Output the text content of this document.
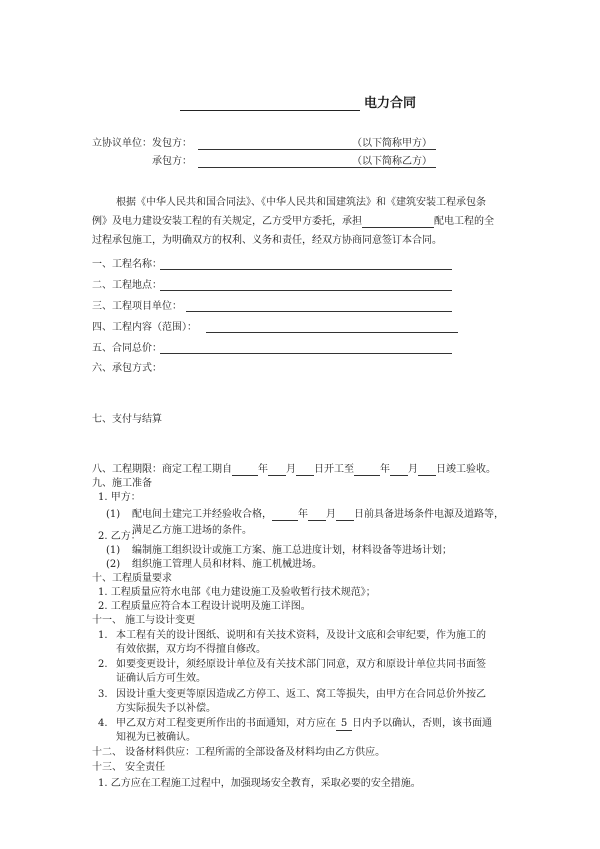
电力合同
立协议单位： 发包方：	（以下简称甲方）
承包方：	（以下简称乙方）
根据《中华人民共和国合同法》、《中华人民共和国建筑法》和《建筑安装工程承包条
例》及电力建设安装工程的有关规定，乙方受甲方委托，承担	配电工程的全
过程承包施工，为明确双方的权利、义务和责任，经双方协商同意签订本合同。
一、工程名称：
二、工程地点：
三、工程项目单位：
四、工程内容（范围）：
五、合同总价：
六、承包方式：
七、支付与结算
八、工程期限：商定工程工期自	年 月 日开工至	年 月 日竣工验收。
九、施工准备
1. 甲方：
(1) 配电间土建完工并经验收合格，	年 月 日前具备进场条件电源及道路等，
满足乙方施工进场的条件。
2. 乙方：
(1) 编制施工组织设计或施工方案、施工总进度计划，材料设备等进场计划；
(2) 组织施工管理人员和材料、施工机械进场。
十、工程质量要求
1. 工程质量应符水电部《电力建设施工及验收暂行技术规范》；
2. 工程质量应符合本工程设计说明及施工详图。
十一、 施工与设计变更
1. 本工程有关的设计图纸、说明和有关技术资料，及设计文底和会审纪要，作为施工的
有效依据，双方均不得擅自修改。
2. 如要变更设计，须经原设计单位及有关技术部门同意，双方和原设计单位共同书面签
证确认后方可生效。
3. 因设计重大变更等原因造成乙方停工、返工、窝工等损失，由甲方在合同总价外按乙
方实际损失予以补偿。
4. 甲乙双方对工程变更所作出的书面通知，对方应在 5 日内予以确认，否则，该书面通
知视为已被确认。
十二、 设备材料供应：工程所需的全部设备及材料均由乙方供应。
十三、 安全责任
1. 乙方应在工程施工过程中，加强现场安全教育，采取必要的安全措施。
